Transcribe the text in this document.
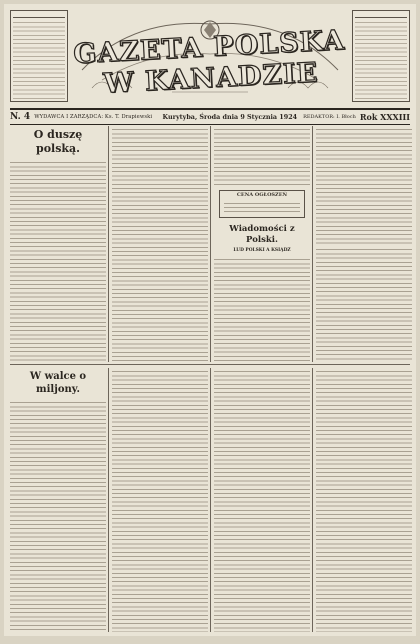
GAZETA POLSKA W KANADZIE

N. 4 WYDAWCA I ZARZĄDCA: Ks. T. Drapiewski	Kurytyba, Środa dnia 9 Stycznia 1924 REDAKTOR: I. Błoch Rok XXXIII
O duszę polską.
CENA OGŁOSZEŃ
Wiadomości z Polski.
LUD POLSKI A KSIĄDZ
W walce o miljony.
